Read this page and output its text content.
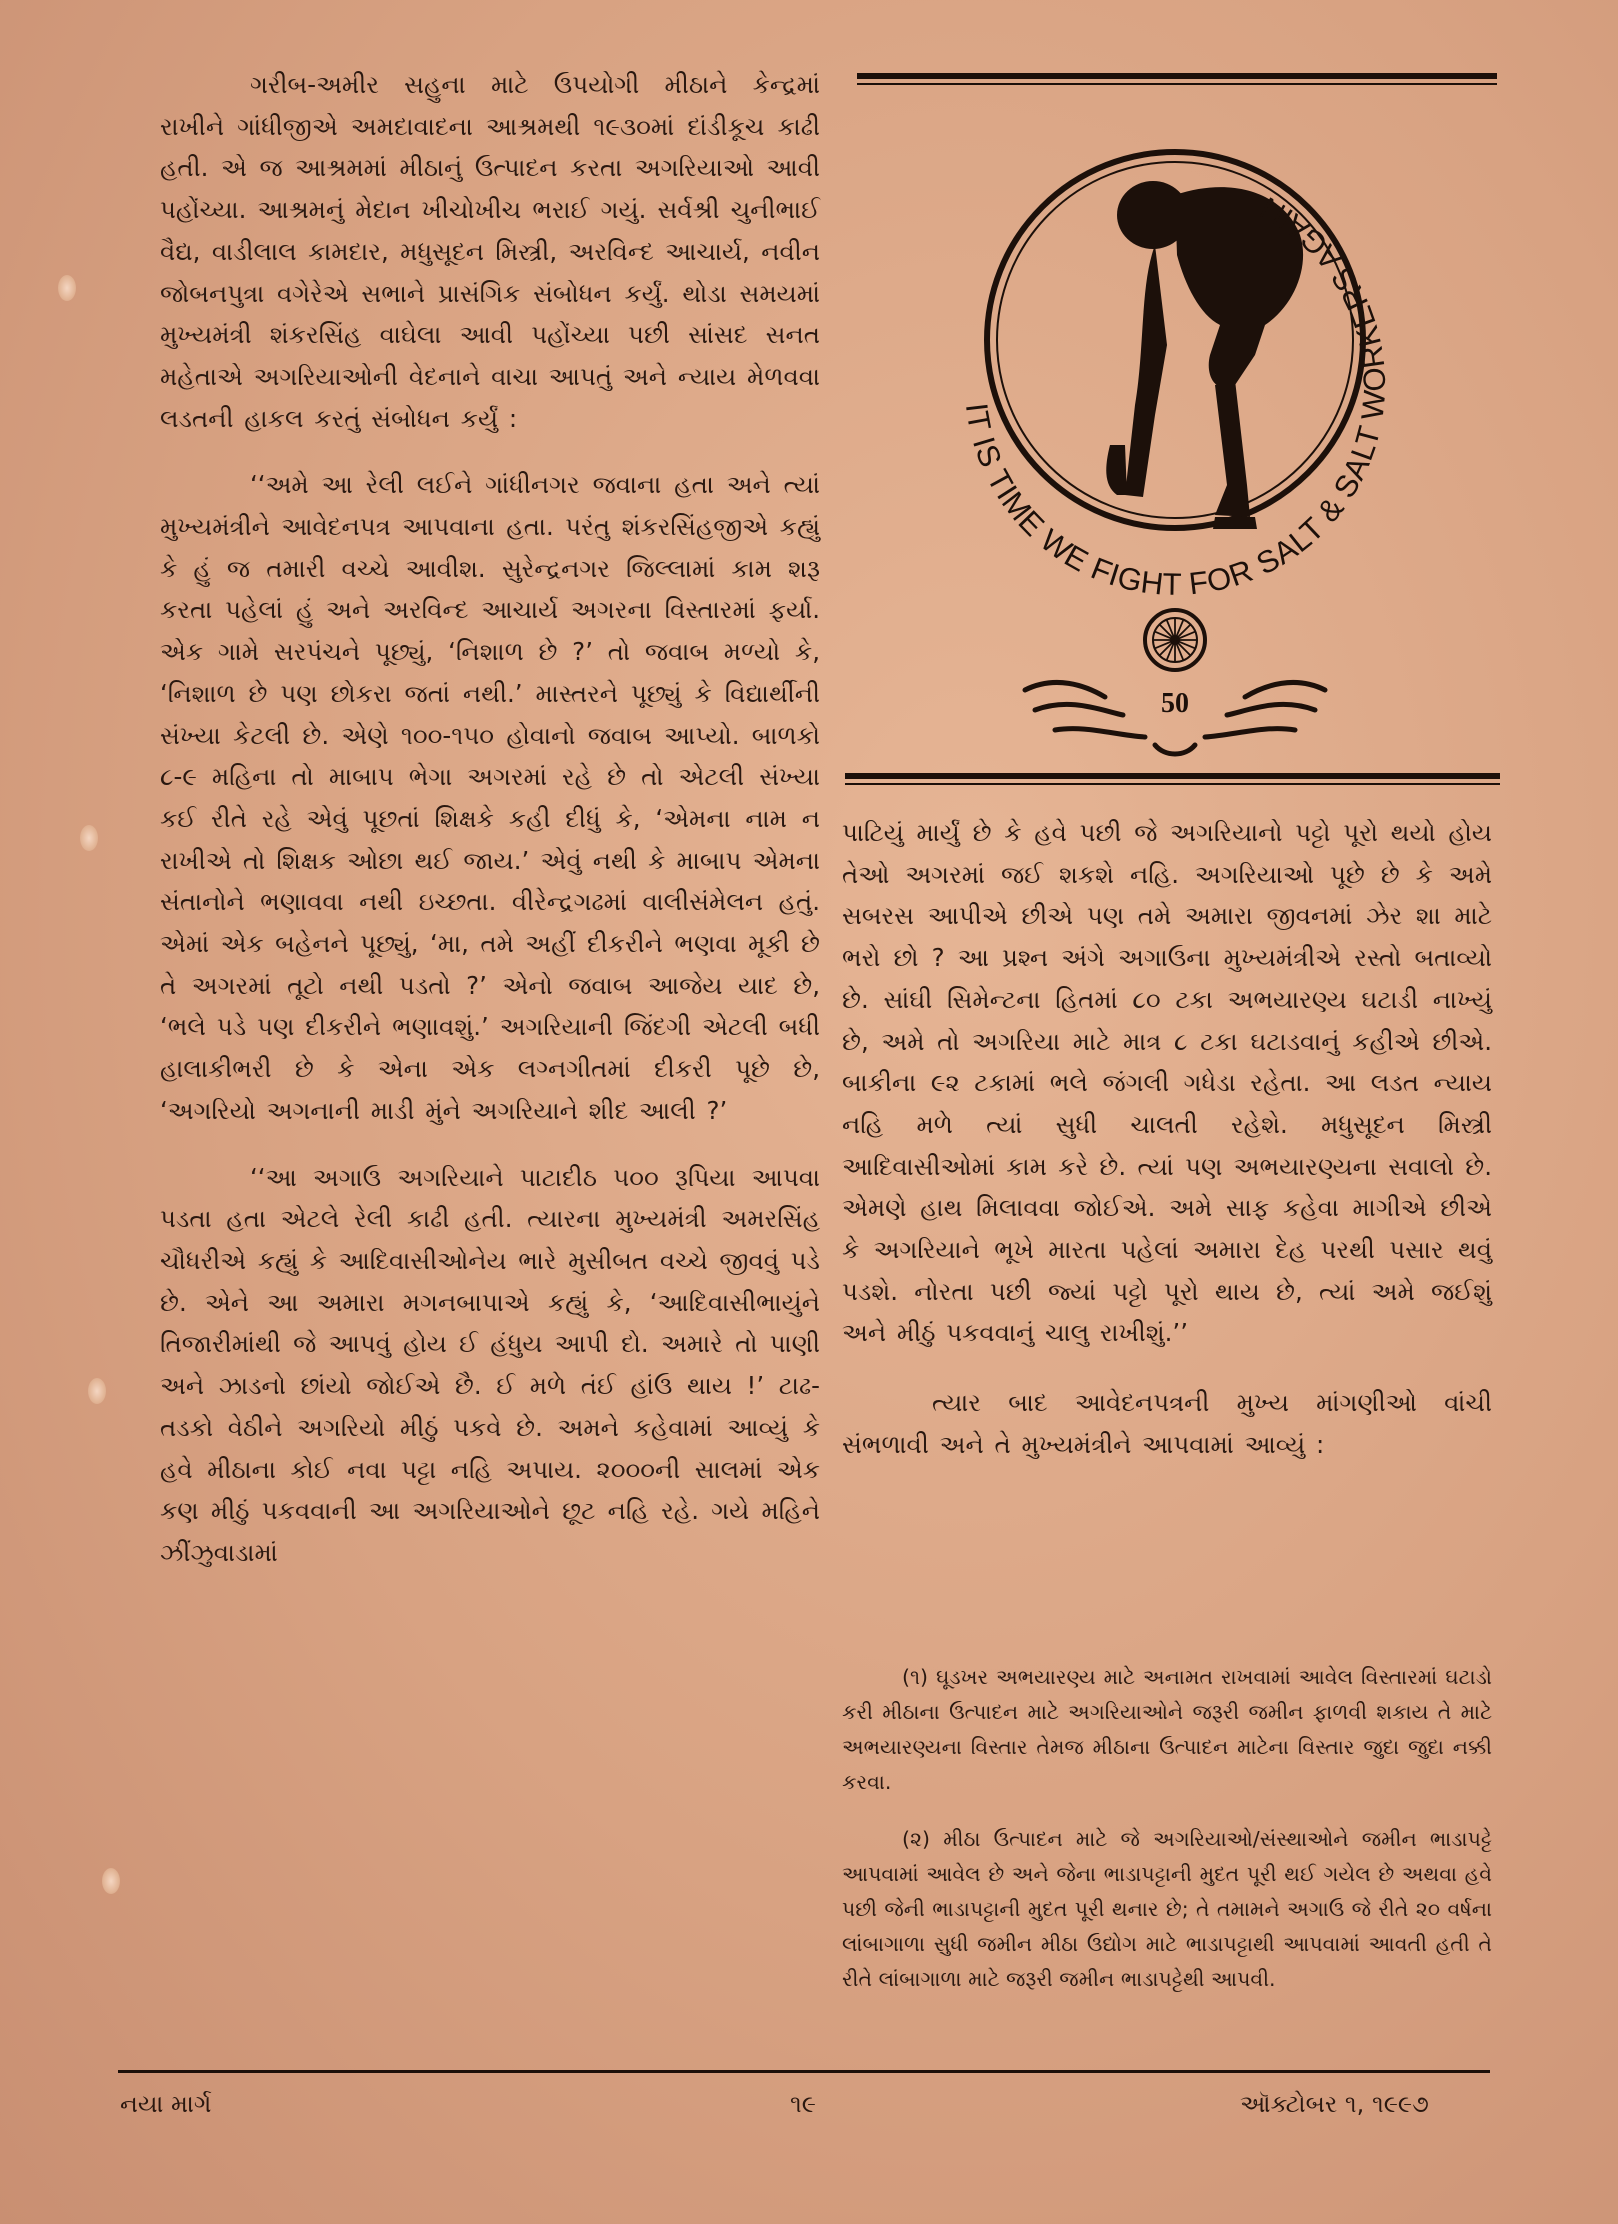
ગરીબ-અમીર સહુના માટે ઉપયોગી મીઠાને કેન્દ્રમાં રાખીને ગાંધીજીએ અમદાવાદના આશ્રમથી ૧૯૩૦માં દાંડીકૂચ કાઢી હતી. એ જ આશ્રમમાં મીઠાનું ઉત્પાદન કરતા અગરિયાઓ આવી પહોંચ્યા. આશ્રમનું મેદાન ખીચોખીચ ભરાઈ ગયું. સર્વશ્રી ચુનીભાઈ વૈદ્ય, વાડીલાલ કામદાર, મધુસૂદન મિસ્ત્રી, અરવિન્દ આચાર્ય, નવીન જોબનપુત્રા વગેરેએ સભાને પ્રાસંગિક સંબોધન કર્યું. થોડા સમયમાં મુખ્યમંત્રી શંકરસિંહ વાઘેલા આવી પહોંચ્યા પછી સાંસદ સનત મહેતાએ અગરિયાઓની વેદનાને વાચા આપતું અને ન્યાય મેળવવા લડતની હાકલ કરતું સંબોધન કર્યું :

‘‘અમે આ રેલી લઈને ગાંધીનગર જવાના હતા અને ત્યાં મુખ્યમંત્રીને આવેદનપત્ર આપવાના હતા. પરંતુ શંકરસિંહજીએ કહ્યું કે હું જ તમારી વચ્ચે આવીશ. સુરેન્દ્રનગર જિલ્લામાં કામ શરૂ કરતા પહેલાં હું અને અરવિન્દ આચાર્ય અગરના વિસ્તારમાં ફર્યા. એક ગામે સરપંચને પૂછ્યું, ‘નિશાળ છે ?’ તો જવાબ મળ્યો કે, ‘નિશાળ છે પણ છોકરા જતાં નથી.’ માસ્તરને પૂછ્યું કે વિદ્યાર્થીની સંખ્યા કેટલી છે. એણે ૧૦૦-૧૫૦ હોવાનો જવાબ આપ્યો. બાળકો ૮-૯ મહિના તો માબાપ ભેગા અગરમાં રહે છે તો એટલી સંખ્યા કઈ રીતે રહે એવું પૂછતાં શિક્ષકે કહી દીધું કે, ‘એમના નામ ન રાખીએ તો શિક્ષક ઓછા થઈ જાય.’ એવું નથી કે માબાપ એમના સંતાનોને ભણાવવા નથી ઇચ્છતા. વીરેન્દ્રગઢમાં વાલીસંમેલન હતું. એમાં એક બહેનને પૂછ્યું, ‘મા, તમે અહીં દીકરીને ભણવા મૂકી છે તે અગરમાં તૂટો નથી પડતો ?’ એનો જવાબ આજેય યાદ છે, ‘ભલે પડે પણ દીકરીને ભણાવશું.’ અગરિયાની જિંદગી એટલી બધી હાલાકીભરી છે કે એના એક લગ્નગીતમાં દીકરી પૂછે છે, ‘અગરિયો અગનાની માડી મુંને અગરિયાને શીદ આલી ?’

‘‘આ અગાઉ અગરિયાને પાટાદીઠ ૫૦૦ રૂપિયા આપવા પડતા હતા એટલે રેલી કાઢી હતી. ત્યારના મુખ્યમંત્રી અમરસિંહ ચૌધરીએ કહ્યું કે આદિવાસીઓનેય ભારે મુસીબત વચ્ચે જીવવું પડે છે. એને આ અમારા મગનબાપાએ કહ્યું કે, ‘આદિવાસીભાયુંને તિજારીમાંથી જે આપવું હોય ઈ હંધુય આપી દો. અમારે તો પાણી અને ઝાડનો છાંયો જોઈએ છૈ. ઈ મળે તંઈ હાંઉ થાય !’ ટાઢ-તડકો વેઠીને અગરિયો મીઠું પકવે છે. અમને કહેવામાં આવ્યું કે હવે મીઠાના કોઈ નવા પટ્ટા નહિ અપાય. ૨૦૦૦ની સાલમાં એક કણ મીઠું પકવવાની આ અગરિયાઓને છૂટ નહિ રહે. ગયે મહિને ઝીંઝુવાડામાં

IT IS TIME WE FIGHT FOR SALT & SALT WORKERS AGAIN
50

પાટિયું માર્યું છે કે હવે પછી જે અગરિયાનો પટ્ટો પૂરો થયો હોય તેઓ અગરમાં જઈ શકશે નહિ. અગરિયાઓ પૂછે છે કે અમે સબરસ આપીએ છીએ પણ તમે અમારા જીવનમાં ઝેર શા માટે ભરો છો ? આ પ્રશ્ન અંગે અગાઉના મુખ્યમંત્રીએ રસ્તો બતાવ્યો છે. સાંઘી સિમેન્ટના હિતમાં ૮૦ ટકા અભયારણ્ય ઘટાડી નાખ્યું છે, અમે તો અગરિયા માટે માત્ર ૮ ટકા ઘટાડવાનું કહીએ છીએ. બાકીના ૯૨ ટકામાં ભલે જંગલી ગધેડા રહેતા. આ લડત ન્યાય નહિ મળે ત્યાં સુધી ચાલતી રહેશે. મધુસૂદન મિસ્ત્રી આદિવાસીઓમાં કામ કરે છે. ત્યાં પણ અભયારણ્યના સવાલો છે. એમણે હાથ મિલાવવા જોઈએ. અમે સાફ કહેવા માગીએ છીએ કે અગરિયાને ભૂખે મારતા પહેલાં અમારા દેહ પરથી પસાર થવું પડશે. નોરતા પછી જ્યાં પટ્ટો પૂરો થાય છે, ત્યાં અમે જઈશું અને મીઠું પકવવાનું ચાલુ રાખીશું.’’

ત્યાર બાદ આવેદનપત્રની મુખ્ય માંગણીઓ વાંચી સંભળાવી અને તે મુખ્યમંત્રીને આપવામાં આવ્યું :

(૧) ઘૂડખર અભયારણ્ય માટે અનામત રાખવામાં આવેલ વિસ્તારમાં ઘટાડો કરી મીઠાના ઉત્પાદન માટે અગરિયાઓને જરૂરી જમીન ફાળવી શકાય તે માટે અભયારણ્યના વિસ્તાર તેમજ મીઠાના ઉત્પાદન માટેના વિસ્તાર જુદા જુદા નક્કી કરવા.

(૨) મીઠા ઉત્પાદન માટે જે અગરિયાઓ/સંસ્થાઓને જમીન ભાડાપટ્ટે આપવામાં આવેલ છે અને જેના ભાડાપટ્ટાની મુદત પૂરી થઈ ગયેલ છે અથવા હવે પછી જેની ભાડાપટ્ટાની મુદત પૂરી થનાર છે; તે તમામને અગાઉ જે રીતે ૨૦ વર્ષના લાંબાગાળા સુધી જમીન મીઠા ઉદ્યોગ માટે ભાડાપટ્ટાથી આપવામાં આવતી હતી તે રીતે લાંબાગાળા માટે જરૂરી જમીન ભાડાપટ્ટેથી આપવી.

નયા માર્ગ	૧૯	ઑક્ટોબર ૧, ૧૯૯૭
